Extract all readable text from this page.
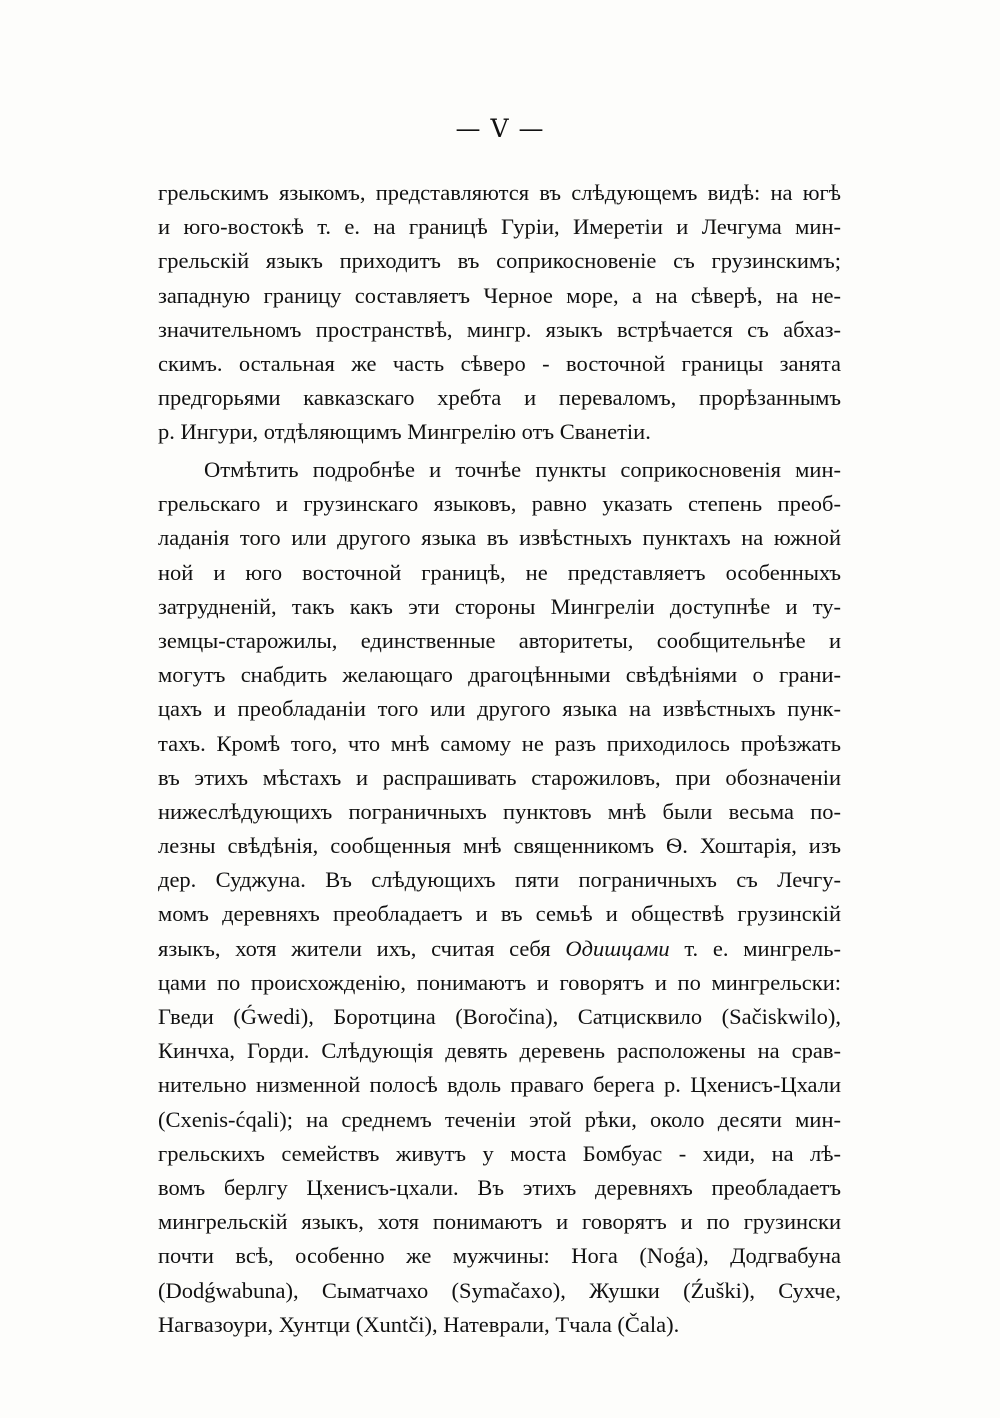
— V —
грельскимъ языкомъ, представляются въ слѣдующемъ видѣ: на югѣ
и юго-востокѣ т. е. на границѣ Гуріи, Имеретіи и Лечгума мин-
грельскій языкъ приходитъ въ соприкосновеніе съ грузинскимъ;
западную границу составляетъ Черное море, а на сѣверѣ, на не-
значительномъ пространствѣ, мингр. языкъ встрѣчается съ абхаз-
скимъ. остальная же часть сѣверо - восточной границы занята
предгорьями кавказскаго хребта и переваломъ, прорѣзаннымъ
р. Ингури, отдѣляющимъ Мингрелію отъ Сванетіи.
Отмѣтить подробнѣе и точнѣе пункты соприкосновенія мин-
грельскаго и грузинскаго языковъ, равно указать степень преоб-
ладанія того или другого языка въ извѣстныхъ пунктахъ на южной
ной и юго восточной границѣ, не представляетъ особенныхъ
затрудненій, такъ какъ эти стороны Мингреліи доступнѣе и ту-
земцы-старожилы, единственные авторитеты, сообщительнѣе и
могутъ снабдить желающаго драгоцѣнными свѣдѣніями о грани-
цахъ и преобладаніи того или другого языка на извѣстныхъ пунк-
тахъ. Кромѣ того, что мнѣ самому не разъ приходилось проѣзжать
въ этихъ мѣстахъ и распрашивать старожиловъ, при обозначеніи
нижеслѣдующихъ пограничныхъ пунктовъ мнѣ были весьма по-
лезны свѣдѣнія, сообщенныя мнѣ священникомъ Ѳ. Хоштарія, изъ
дер. Суджуна. Въ слѣдующихъ пяти пограничныхъ съ Лечгу-
момъ деревняхъ преобладаетъ и въ семьѣ и обществѣ грузинскій
языкъ, хотя жители ихъ, считая себя Одишцами т. е. мингрель-
цами по происхожденію, понимаютъ и говорятъ и по мингрельски:
Гведи (Ǵwedi), Боротцина (Boročina), Сатцисквило (Sačiskwilo),
Кинчха, Горди. Слѣдующія девять деревень расположены на срав-
нительно низменной полосѣ вдоль праваго берега р. Цхенисъ-Цхали
(Cxenis-ćqali); на среднемъ теченіи этой рѣки, около десяти мин-
грельскихъ семействъ живутъ у моста Бомбуас - хиди, на лѣ-
вомъ берлгу Цхенисъ-цхали. Въ этихъ деревняхъ преобладаетъ
мингрельскій языкъ, хотя понимаютъ и говорятъ и по грузински
почти всѣ, особенно же мужчины: Нога (Noǵa), Додгвабуна
(Dodǵwabuna), Сыматчахо (Symačaxo), Жушки (Źuški), Сухче,
Нагвазоури, Хунтци (Xuntči), Натеврали, Тчала (Čala).
